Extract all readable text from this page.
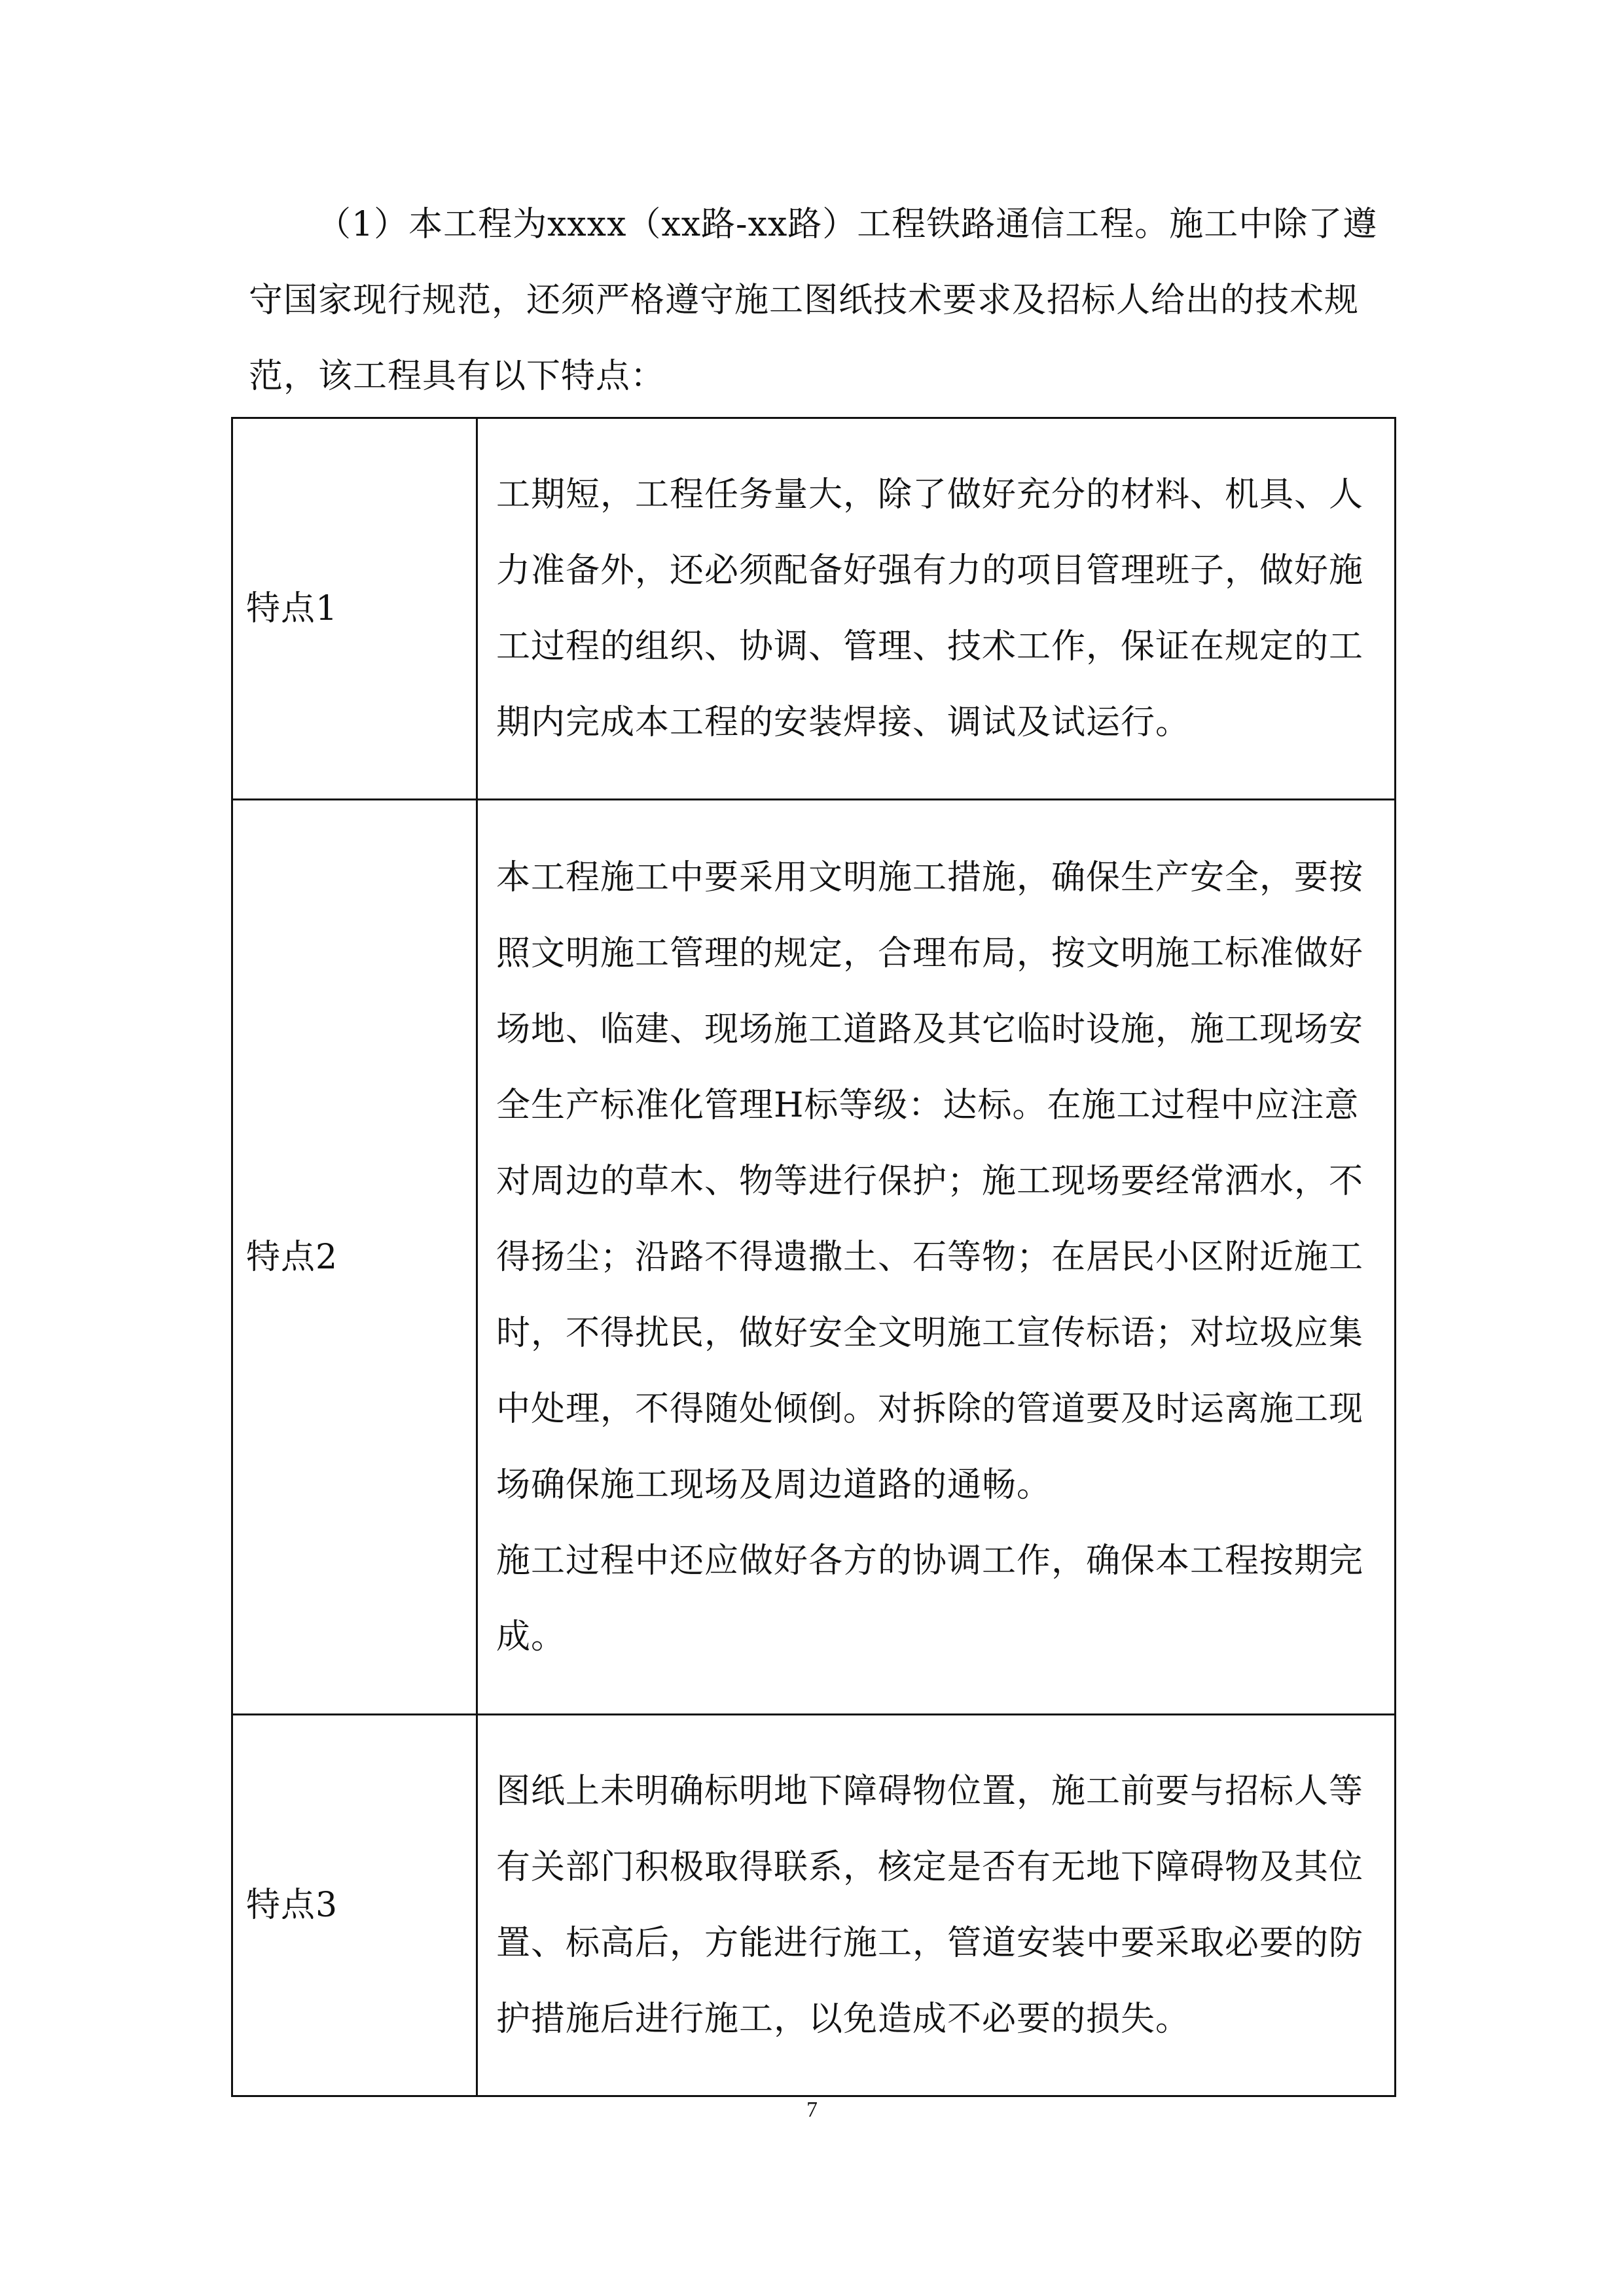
（1）本工程为xxxx（xx路-xx路）工程铁路通信工程。施工中除了遵守国家现行规范，还须严格遵守施工图纸技术要求及招标人给出的技术规范，该工程具有以下特点：

特点1	工期短，工程任务量大，除了做好充分的材料、机具、人力准备外，还必须配备好强有力的项目管理班子，做好施工过程的组织、协调、管理、技术工作，保证在规定的工期内完成本工程的安装焊接、调试及试运行。

特点2	本工程施工中要采用文明施工措施，确保生产安全，要按照文明施工管理的规定，合理布局，按文明施工标准做好场地、临建、现场施工道路及其它临时设施，施工现场安全生产标准化管理H标等级：达标。在施工过程中应注意对周边的草木、物等进行保护；施工现场要经常洒水，不得扬尘；沿路不得遗撒土、石等物；在居民小区附近施工时，不得扰民，做好安全文明施工宣传标语；对垃圾应集中处理，不得随处倾倒。对拆除的管道要及时运离施工现场确保施工现场及周边道路的通畅。

施工过程中还应做好各方的协调工作，确保本工程按期完成。

特点3	图纸上未明确标明地下障碍物位置，施工前要与招标人等有关部门积极取得联系，核定是否有无地下障碍物及其位置、标高后，方能进行施工，管道安装中要采取必要的防护措施后进行施工，以免造成不必要的损失。

7
